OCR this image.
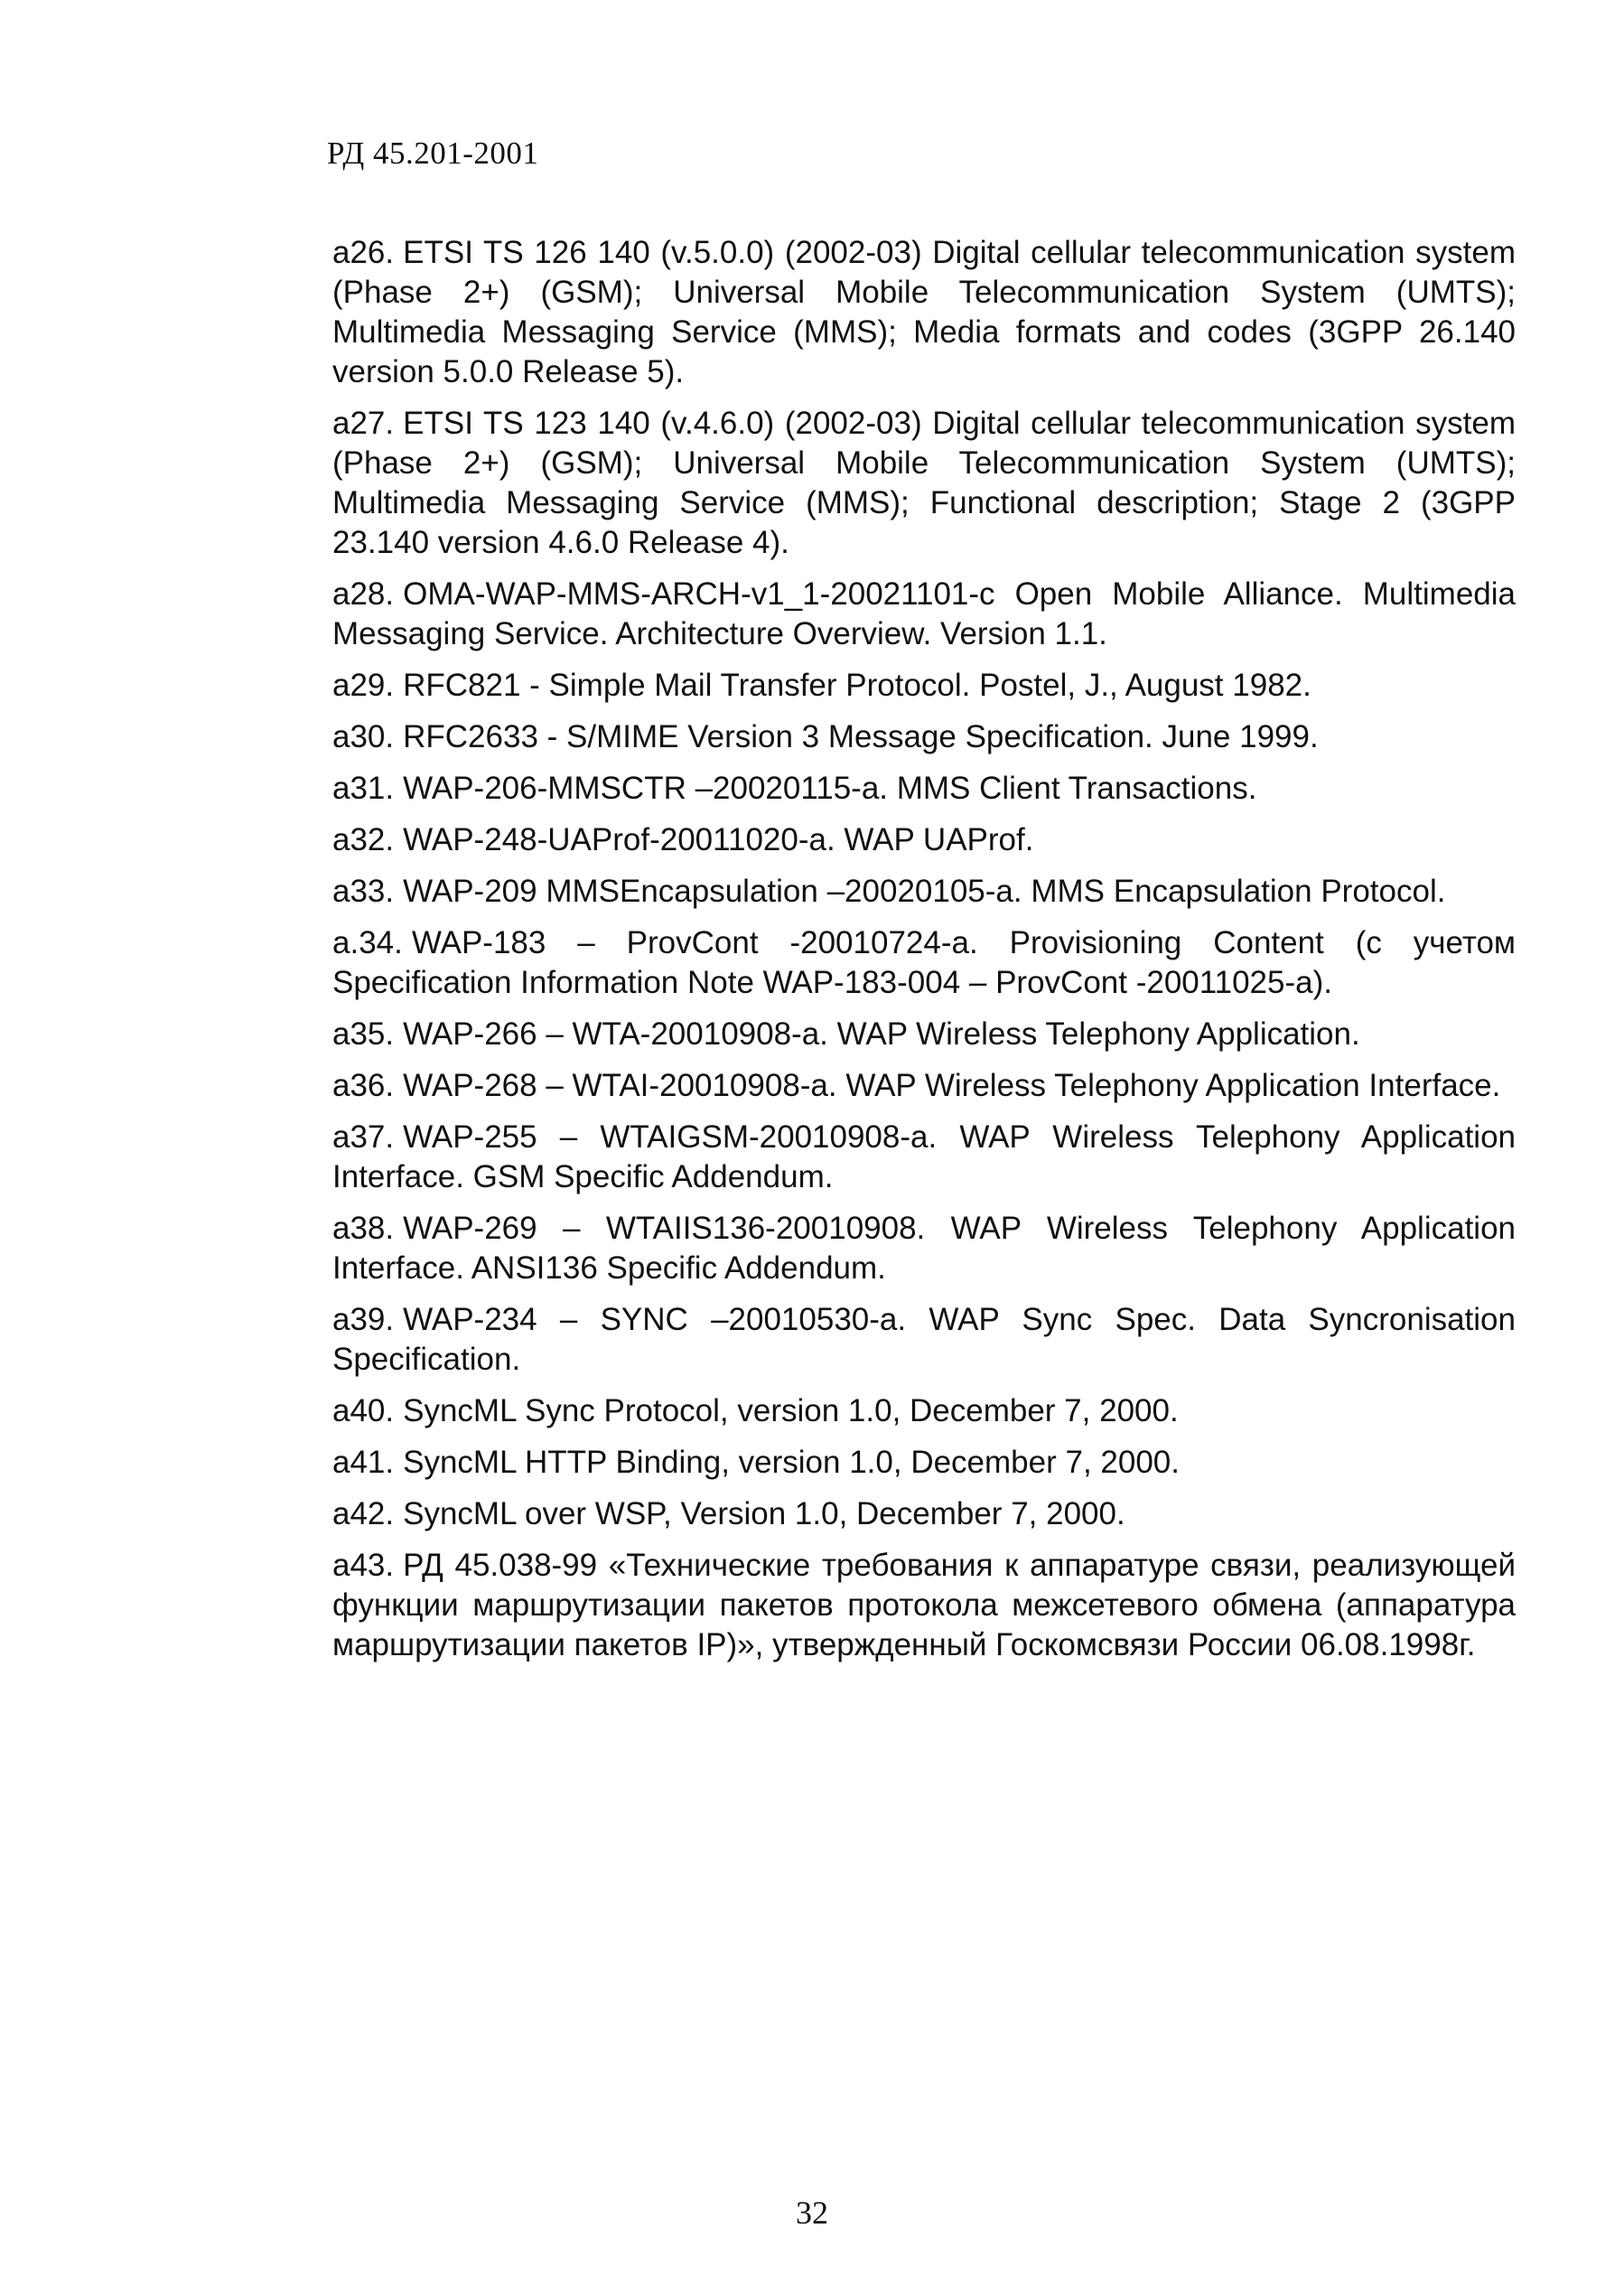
РД 45.201-2001
a26. ETSI TS 126 140 (v.5.0.0) (2002-03) Digital cellular telecommunication system (Phase 2+) (GSM); Universal Mobile Telecommunication System (UMTS); Multimedia Messaging Service (MMS); Media formats and codes (3GPP 26.140 version 5.0.0 Release 5).
a27. ETSI TS 123 140 (v.4.6.0) (2002-03) Digital cellular telecommunication system (Phase 2+) (GSM); Universal Mobile Telecommunication System (UMTS); Multimedia Messaging Service (MMS); Functional description; Stage 2 (3GPP 23.140 version 4.6.0 Release 4).
a28. OMA-WAP-MMS-ARCH-v1_1-20021101-c Open Mobile Alliance. Multimedia Messaging Service. Architecture Overview. Version 1.1.
a29. RFC821 - Simple Mail Transfer Protocol. Postel, J., August 1982.
a30. RFC2633 - S/MIME Version 3 Message Specification. June 1999.
a31. WAP-206-MMSCTR –20020115-a. MMS Client Transactions.
a32. WAP-248-UAProf-20011020-a. WAP UAProf.
a33. WAP-209 MMSEncapsulation –20020105-a. MMS Encapsulation Protocol.
a.34. WAP-183 – ProvCont -20010724-a. Provisioning Content (с учетом Specification Information Note WAP-183-004 – ProvCont -20011025-a).
a35. WAP-266 – WTA-20010908-a. WAP Wireless Telephony Application.
a36. WAP-268 – WTAI-20010908-a. WAP Wireless Telephony Application Interface.
a37. WAP-255 – WTAIGSM-20010908-a. WAP Wireless Telephony Application Interface. GSM Specific Addendum.
a38. WAP-269 – WTAIIS136-20010908. WAP Wireless Telephony Application Interface. ANSI136 Specific Addendum.
a39. WAP-234 – SYNC –20010530-a. WAP Sync Spec. Data Syncronisation Specification.
a40. SyncML Sync Protocol, version 1.0, December 7, 2000.
a41. SyncML HTTP Binding, version 1.0, December 7, 2000.
a42. SyncML over WSP, Version 1.0, December 7, 2000.
a43. РД 45.038-99 «Технические требования к аппаратуре связи, реализующей функции маршрутизации пакетов протокола межсетевого обмена (аппаратура маршрутизации пакетов IP)», утвержденный Госкомсвязи России 06.08.1998г.
32
